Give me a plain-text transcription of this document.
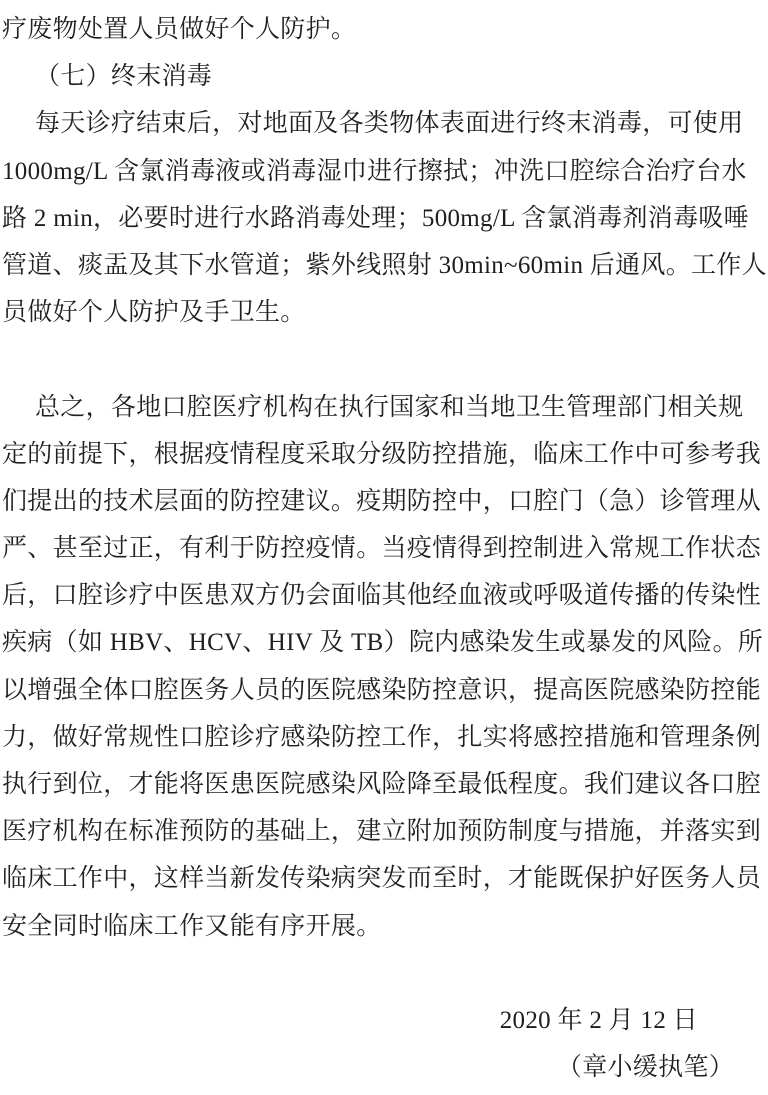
疗废物处置人员做好个人防护。
（七）终末消毒
每天诊疗结束后，对地面及各类物体表面进行终末消毒，可使用
1000mg/L 含氯消毒液或消毒湿巾进行擦拭；冲洗口腔综合治疗台水
路 2 min，必要时进行水路消毒处理；500mg/L 含氯消毒剂消毒吸唾
管道、痰盂及其下水管道；紫外线照射 30min~60min 后通风。工作人
员做好个人防护及手卫生。
总之，各地口腔医疗机构在执行国家和当地卫生管理部门相关规
定的前提下，根据疫情程度采取分级防控措施，临床工作中可参考我
们提出的技术层面的防控建议。疫期防控中，口腔门（急）诊管理从
严、甚至过正，有利于防控疫情。当疫情得到控制进入常规工作状态
后，口腔诊疗中医患双方仍会面临其他经血液或呼吸道传播的传染性
疾病（如 HBV、HCV、HIV 及 TB）院内感染发生或暴发的风险。所
以增强全体口腔医务人员的医院感染防控意识，提高医院感染防控能
力，做好常规性口腔诊疗感染防控工作，扎实将感控措施和管理条例
执行到位，才能将医患医院感染风险降至最低程度。我们建议各口腔
医疗机构在标准预防的基础上，建立附加预防制度与措施，并落实到
临床工作中，这样当新发传染病突发而至时，才能既保护好医务人员
安全同时临床工作又能有序开展。
2020 年 2 月 12 日
（章小缓执笔）
